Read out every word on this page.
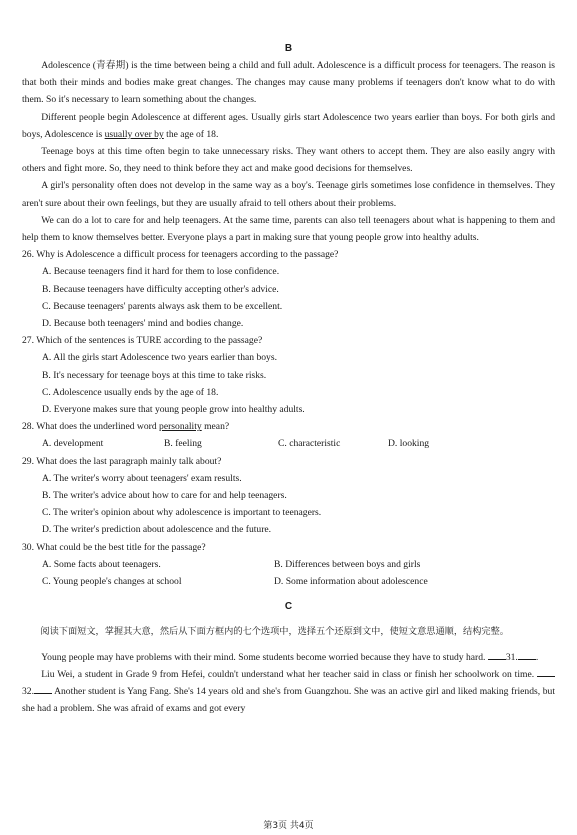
B

Adolescence (青春期) is the time between being a child and full adult. Adolescence is a difficult process for teenagers. The reason is that both their minds and bodies make great changes. The changes may cause many problems if teenagers don't know what to do with them. So it's necessary to learn something about the changes.

Different people begin Adolescence at different ages. Usually girls start Adolescence two years earlier than boys. For both girls and boys, Adolescence is usually over by the age of 18.

Teenage boys at this time often begin to take unnecessary risks. They want others to accept them. They are also easily angry with others and fight more. So, they need to think before they act and make good decisions for themselves.

A girl's personality often does not develop in the same way as a boy's. Teenage girls sometimes lose confidence in themselves. They aren't sure about their own feelings, but they are usually afraid to tell others about their problems.

We can do a lot to care for and help teenagers. At the same time, parents can also tell teenagers about what is happening to them and help them to know themselves better. Everyone plays a part in making sure that young people grow into healthy adults.

26. Why is Adolescence a difficult process for teenagers according to the passage?
A. Because teenagers find it hard for them to lose confidence.
B. Because teenagers have difficulty accepting other's advice.
C. Because teenagers' parents always ask them to be excellent.
D. Because both teenagers' mind and bodies change.
27. Which of the sentences is TURE according to the passage?
A. All the girls start Adolescence two years earlier than boys.
B. It's necessary for teenage boys at this time to take risks.
C. Adolescence usually ends by the age of 18.
D. Everyone makes sure that young people grow into healthy adults.
28. What does the underlined word personality mean?
A. development	B. feeling	C. characteristic	D. looking
29. What does the last paragraph mainly talk about?
A. The writer's worry about teenagers' exam results.
B. The writer's advice about how to care for and help teenagers.
C. The writer's opinion about why adolescence is important to teenagers.
D. The writer's prediction about adolescence and the future.
30. What could be the best title for the passage?
A. Some facts about teenagers.	B. Differences between boys and girls
C. Young people's changes at school	D. Some information about adolescence
C

阅读下面短文，掌握其大意，然后从下面方框内的七个选项中，选择五个还原到文中，使短文意思通顺，结构完整。

Young people may have problems with their mind. Some students become worried because they have to study hard. 31. .

Liu Wei, a student in Grade 9 from Hefei, couldn't understand what her teacher said in class or finish her schoolwork on time. 32. Another student is Yang Fang. She's 14 years old and she's from Guangzhou. She was an active girl and liked making friends, but she had a problem. She was afraid of exams and got every

第3页 共4页
